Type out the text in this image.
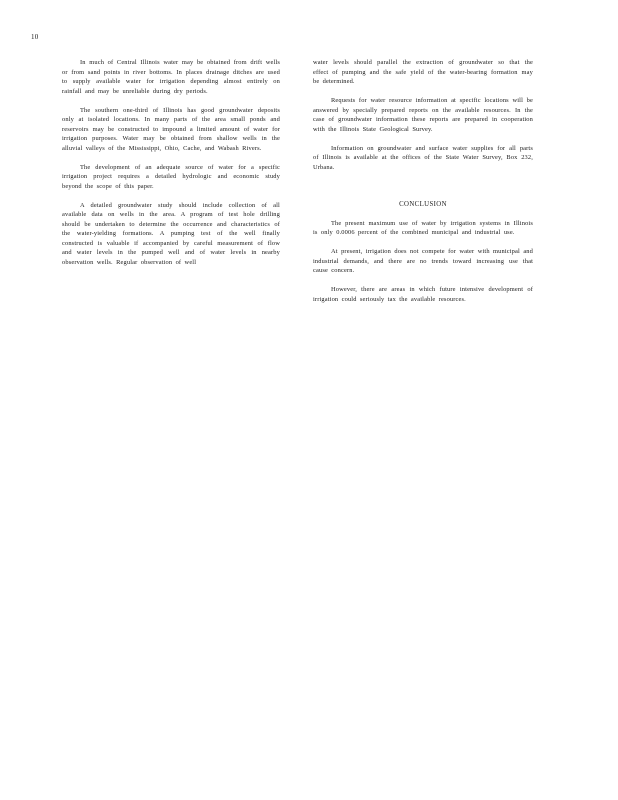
10

In much of Central Illinois water may be obtained from drift wells or from sand points in river bottoms. In places drainage ditches are used to supply available water for irrigation depending almost entirely on rainfall and may be unreliable during dry periods.

The southern one-third of Illinois has good groundwater deposits only at isolated locations. In many parts of the area small ponds and reservoirs may be constructed to impound a limited amount of water for irrigation purposes. Water may be obtained from shallow wells in the alluvial valleys of the Mississippi, Ohio, Cache, and Wabash Rivers.

The development of an adequate source of water for a specific irrigation project requires a detailed hydrologic and economic study beyond the scope of this paper.

A detailed groundwater study should include collection of all available data on wells in the area. A program of test hole drilling should be undertaken to determine the occurrence and characteristics of the water-yielding formations. A pumping test of the well finally constructed is valuable if accompanied by careful measurement of flow and water levels in the pumped well and of water levels in nearby observation wells. Regular observation of well

water levels should parallel the extraction of groundwater so that the effect of pumping and the safe yield of the water-bearing formation may be determined.

Requests for water resource information at specific locations will be answered by specially prepared reports on the available resources. In the case of groundwater information these reports are prepared in cooperation with the Illinois State Geological Survey.

Information on groundwater and surface water supplies for all parts of Illinois is available at the offices of the State Water Survey, Box 232, Urbana.

CONCLUSION

The present maximum use of water by irrigation systems in Illinois is only 0.0006 percent of the combined municipal and industrial use.

At present, irrigation does not compete for water with municipal and industrial demands, and there are no trends toward increasing use that cause concern.

However, there are areas in which future intensive development of irrigation could seriously tax the available resources.
